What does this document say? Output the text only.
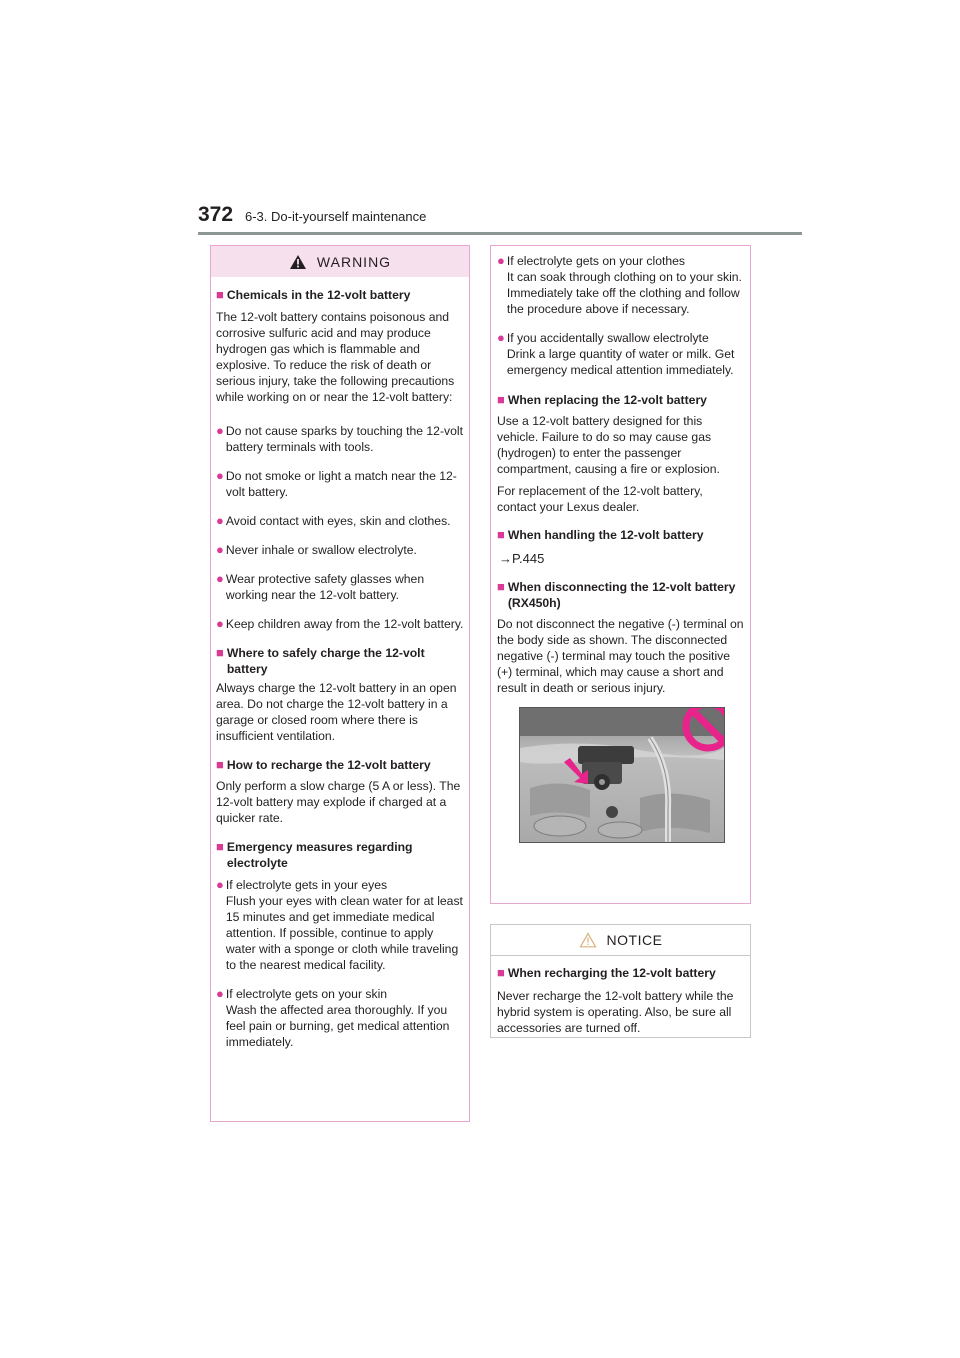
372 6-3. Do-it-yourself maintenance
WARNING
■ Chemicals in the 12-volt battery
The 12-volt battery contains poisonous and corrosive sulfuric acid and may produce hydrogen gas which is flammable and explosive. To reduce the risk of death or serious injury, take the following precautions while working on or near the 12-volt battery:
● Do not cause sparks by touching the 12-volt battery terminals with tools.
● Do not smoke or light a match near the 12-volt battery.
● Avoid contact with eyes, skin and clothes.
● Never inhale or swallow electrolyte.
● Wear protective safety glasses when working near the 12-volt battery.
● Keep children away from the 12-volt battery.
■ Where to safely charge the 12-volt battery
Always charge the 12-volt battery in an open area. Do not charge the 12-volt battery in a garage or closed room where there is insufficient ventilation.
■ How to recharge the 12-volt battery
Only perform a slow charge (5 A or less). The 12-volt battery may explode if charged at a quicker rate.
■ Emergency measures regarding electrolyte
● If electrolyte gets in your eyes
Flush your eyes with clean water for at least 15 minutes and get immediate medical attention. If possible, continue to apply water with a sponge or cloth while traveling to the nearest medical facility.
● If electrolyte gets on your skin
Wash the affected area thoroughly. If you feel pain or burning, get medical attention immediately.
● If electrolyte gets on your clothes
It can soak through clothing on to your skin. Immediately take off the clothing and follow the procedure above if necessary.
● If you accidentally swallow electrolyte
Drink a large quantity of water or milk. Get emergency medical attention immediately.
■ When replacing the 12-volt battery
Use a 12-volt battery designed for this vehicle. Failure to do so may cause gas (hydrogen) to enter the passenger compartment, causing a fire or explosion.
For replacement of the 12-volt battery, contact your Lexus dealer.
■ When handling the 12-volt battery
→P.445
■ When disconnecting the 12-volt battery (RX450h)
Do not disconnect the negative (-) terminal on the body side as shown. The disconnected negative (-) terminal may touch the positive (+) terminal, which may cause a short and result in death or serious injury.
NOTICE
■ When recharging the 12-volt battery
Never recharge the 12-volt battery while the hybrid system is operating. Also, be sure all accessories are turned off.
